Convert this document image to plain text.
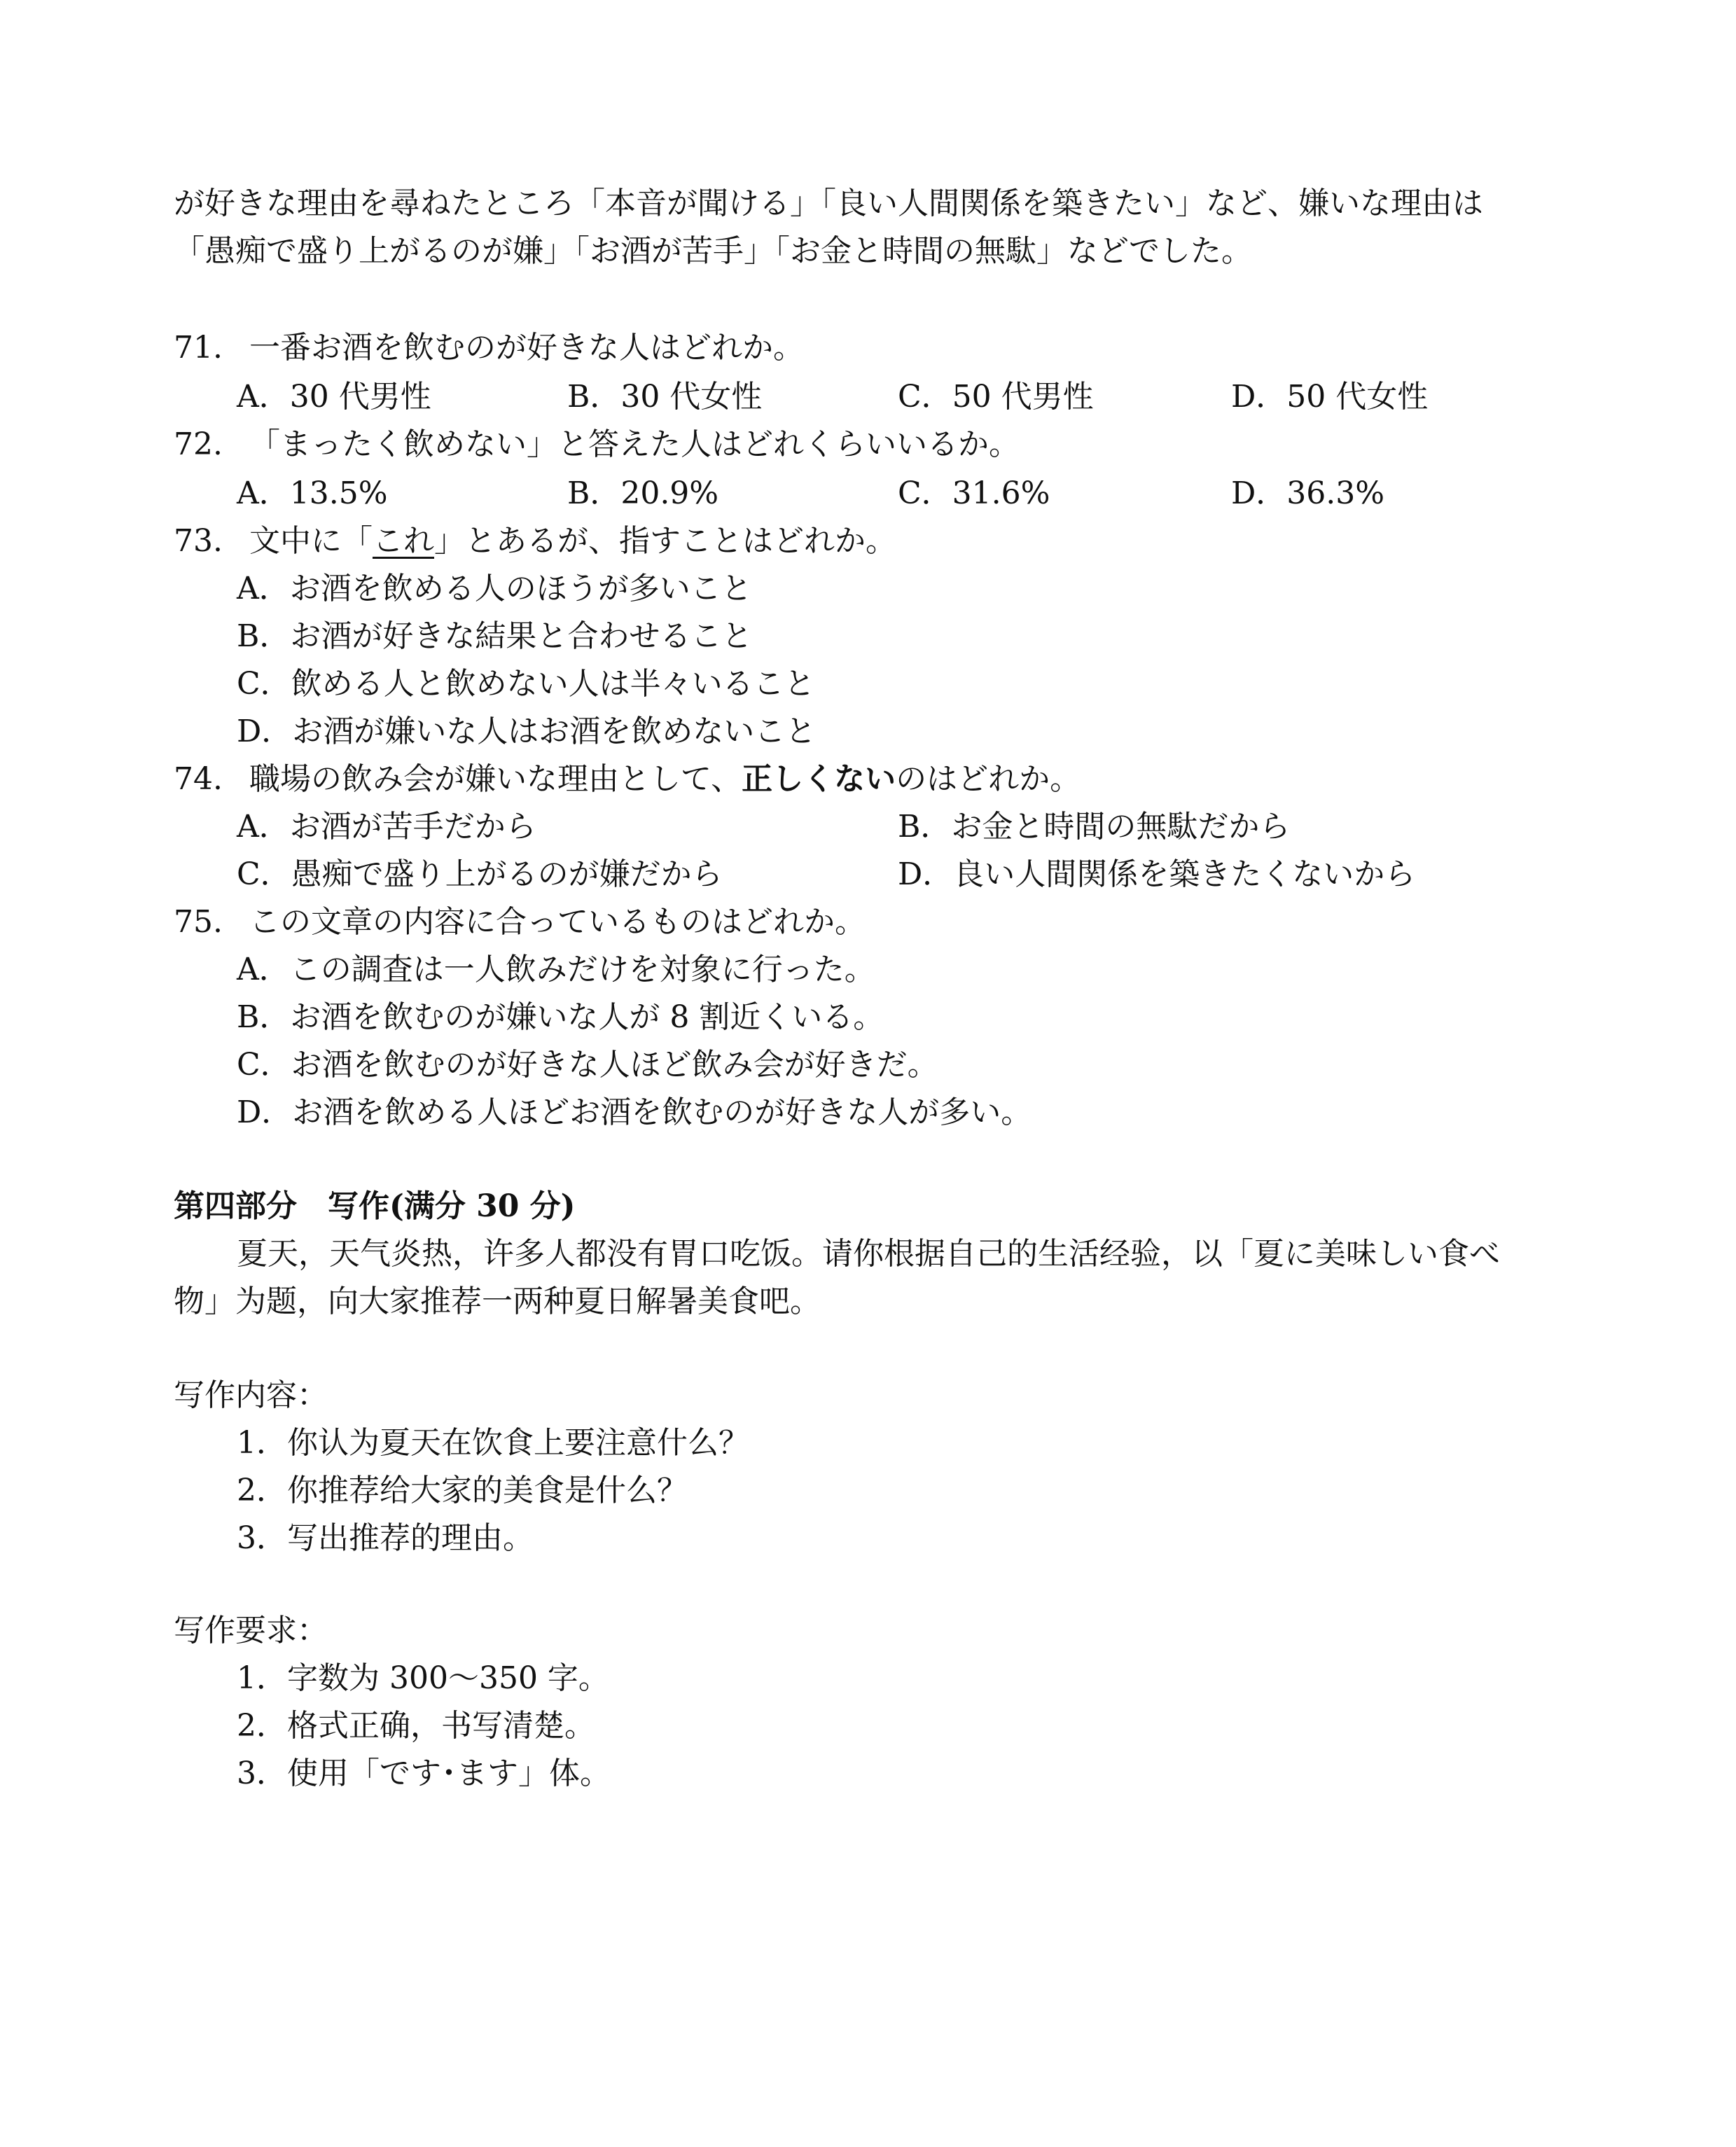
が好きな理由を尋ねたところ「本音が聞ける」「良い人間関係を築きたい」など、嫌いな理由は
「愚痴で盛り上がるのが嫌」「お酒が苦手」「お金と時間の無駄」などでした。
71. 一番お酒を飲むのが好きな人はどれか。
A．30 代男性	B．30 代女性	C．50 代男性	D．50 代女性
72. 「まったく飲めない」と答えた人はどれくらいいるか。
A．13.5%	B．20.9%	C．31.6%	D．36.3%
73. 文中に「これ」とあるが、指すことはどれか。
A．お酒を飲める人のほうが多いこと
B．お酒が好きな結果と合わせること
C．飲める人と飲めない人は半々いること
D．お酒が嫌いな人はお酒を飲めないこと
74. 職場の飲み会が嫌いな理由として、正しくないのはどれか。
A．お酒が苦手だから	B．お金と時間の無駄だから
C．愚痴で盛り上がるのが嫌だから	D．良い人間関係を築きたくないから
75. この文章の内容に合っているものはどれか。
A．この調査は一人飲みだけを対象に行った。
B．お酒を飲むのが嫌いな人が 8 割近くいる。
C．お酒を飲むのが好きな人ほど飲み会が好きだ。
D．お酒を飲める人ほどお酒を飲むのが好きな人が多い。
第四部分　写作(满分 30 分)
夏天，天气炎热，许多人都没有胃口吃饭。请你根据自己的生活经验，以「夏に美味しい食べ
物」为题，向大家推荐一两种夏日解暑美食吧。
写作内容：
1．你认为夏天在饮食上要注意什么？
2．你推荐给大家的美食是什么？
3．写出推荐的理由。
写作要求：
1．字数为 300～350 字。
2．格式正确，书写清楚。
3．使用「です･ます」体。
